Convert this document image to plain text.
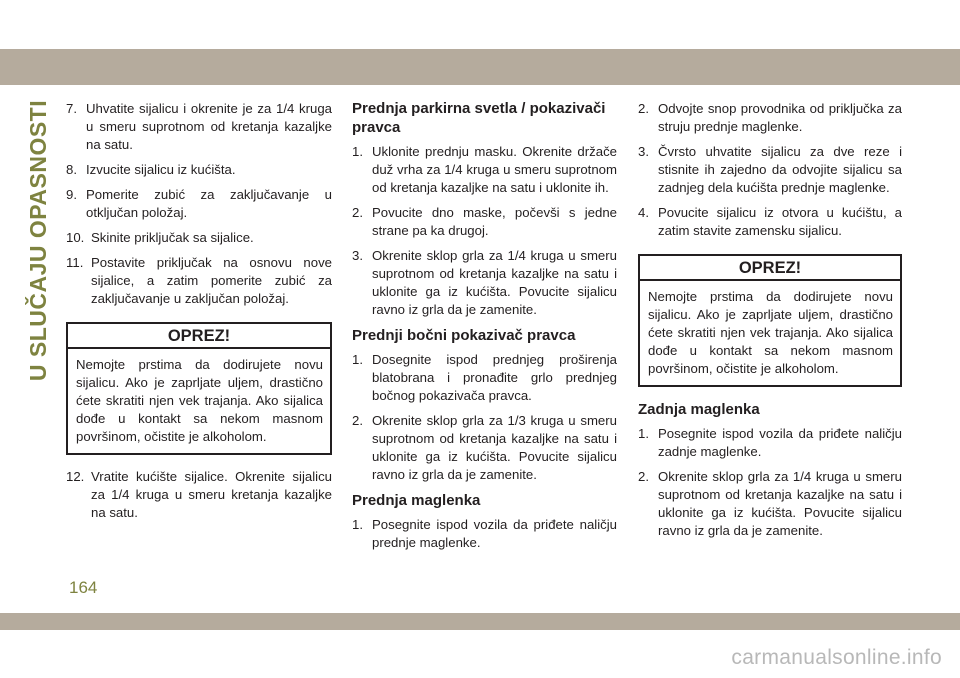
U SLUČAJU OPASNOSTI 7. Uhvatite sijalicu i okrenite je za 1/4 kruga u smeru suprotnom od kretanja kazaljke na satu.
8. Izvucite sijalicu iz kućišta.
9. Pomerite zubić za zaključavanje u otključan položaj.
10. Skinite priključak sa sijalice.
11. Postavite priključak na osnovu nove sijalice, a zatim pomerite zubić za zaključavanje u zaključan položaj.
OPREZ!
Nemojte prstima da dodirujete novu sijalicu. Ako je zaprljate uljem, drastično ćete skratiti njen vek trajanja. Ako sijalica dođe u kontakt sa nekom masnom površinom, očistite je alkoholom.
12. Vratite kućište sijalice. Okrenite sijalicu za 1/4 kruga u smeru kretanja kazaljke na satu.
Prednja parkirna svetla / pokazivači pravca
1. Uklonite prednju masku. Okrenite držače duž vrha za 1/4 kruga u smeru suprotnom od kretanja kazaljke na satu i uklonite ih.
2. Povucite dno maske, počevši s jedne strane pa ka drugoj.
3. Okrenite sklop grla za 1/4 kruga u smeru suprotnom od kretanja kazaljke na satu i uklonite ga iz kućišta. Povucite sijalicu ravno iz grla da je zamenite.
Prednji bočni pokazivač pravca
1. Dosegnite ispod prednjeg proširenja blatobrana i pronađite grlo prednjeg bočnog pokazivača pravca.
2. Okrenite sklop grla za 1/3 kruga u smeru suprotnom od kretanja kazaljke na satu i uklonite ga iz kućišta. Povucite sijalicu ravno iz grla da je zamenite.
Prednja maglenka
1. Posegnite ispod vozila da priđete naličju prednje maglenke.
2. Odvojte snop provodnika od priključka za struju prednje maglenke.
3. Čvrsto uhvatite sijalicu za dve reze i stisnite ih zajedno da odvojite sijalicu sa zadnjeg dela kućišta prednje maglenke.
4. Povucite sijalicu iz otvora u kućištu, a zatim stavite zamensku sijalicu.
OPREZ!
Nemojte prstima da dodirujete novu sijalicu. Ako je zaprljate uljem, drastično ćete skratiti njen vek trajanja. Ako sijalica dođe u kontakt sa nekom masnom površinom, očistite je alkoholom.
Zadnja maglenka
1. Posegnite ispod vozila da priđete naličju zadnje maglenke.
2. Okrenite sklop grla za 1/4 kruga u smeru suprotnom od kretanja kazaljke na satu i uklonite ga iz kućišta. Povucite sijalicu ravno iz grla da je zamenite.
164
carmanualsonline.info
